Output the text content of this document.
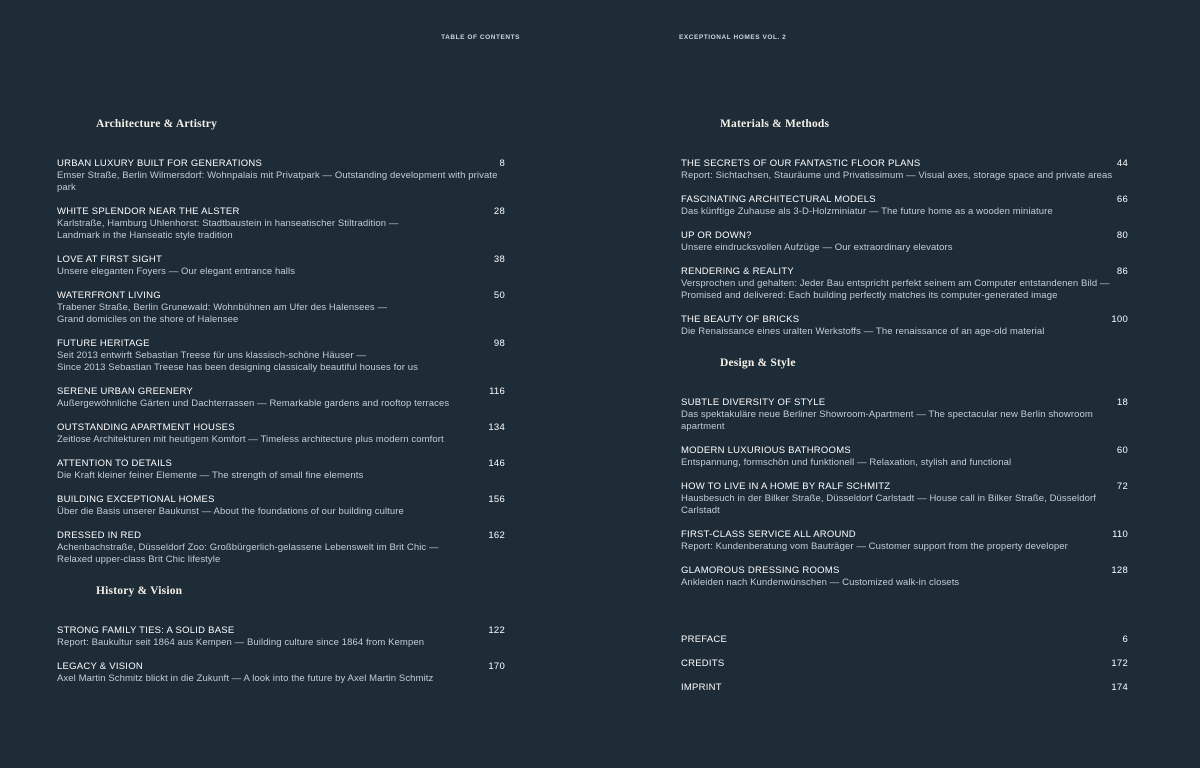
TABLE OF CONTENTS	EXCEPTIONAL HOMES VOL. 2
Architecture & Artistry
URBAN LUXURY BUILT FOR GENERATIONS	8
Emser Straße, Berlin Wilmersdorf: Wohnpalais mit Privatpark — Outstanding development with private park
WHITE SPLENDOR NEAR THE ALSTER	28
Karlstraße, Hamburg Uhlenhorst: Stadtbaustein in hanseatischer Stiltradition —
Landmark in the Hanseatic style tradition
LOVE AT FIRST SIGHT	38
Unsere eleganten Foyers — Our elegant entrance halls
WATERFRONT LIVING	50
Trabener Straße, Berlin Grunewald: Wohnbühnen am Ufer des Halensees —
Grand domiciles on the shore of Halensee
FUTURE HERITAGE	98
Seit 2013 entwirft Sebastian Treese für uns klassisch-schöne Häuser —
Since 2013 Sebastian Treese has been designing classically beautiful houses for us
SERENE URBAN GREENERY	116
Außergewöhnliche Gärten und Dachterrassen — Remarkable gardens and rooftop terraces
OUTSTANDING APARTMENT HOUSES	134
Zeitlose Architekturen mit heutigem Komfort — Timeless architecture plus modern comfort
ATTENTION TO DETAILS	146
Die Kraft kleiner feiner Elemente — The strength of small fine elements
BUILDING EXCEPTIONAL HOMES	156
Über die Basis unserer Baukunst — About the foundations of our building culture
DRESSED IN RED	162
Achenbachstraße, Düsseldorf Zoo: Großbürgerlich-gelassene Lebenswelt im Brit Chic —
Relaxed upper-class Brit Chic lifestyle
History & Vision
STRONG FAMILY TIES: A SOLID BASE	122
Report: Baukultur seit 1864 aus Kempen — Building culture since 1864 from Kempen
LEGACY & VISION	170
Axel Martin Schmitz blickt in die Zukunft — A look into the future by Axel Martin Schmitz
Materials & Methods
THE SECRETS OF OUR FANTASTIC FLOOR PLANS	44
Report: Sichtachsen, Stauräume und Privatissimum — Visual axes, storage space and private areas
FASCINATING ARCHITECTURAL MODELS	66
Das künftige Zuhause als 3-D-Holzminiatur — The future home as a wooden miniature
UP OR DOWN?	80
Unsere eindrucksvollen Aufzüge — Our extraordinary elevators
RENDERING & REALITY	86
Versprochen und gehalten: Jeder Bau entspricht perfekt seinem am Computer entstandenen Bild —
Promised and delivered: Each building perfectly matches its computer-generated image
THE BEAUTY OF BRICKS	100
Die Renaissance eines uralten Werkstoffs — The renaissance of an age-old material
Design & Style
SUBTLE DIVERSITY OF STYLE	18
Das spektakuläre neue Berliner Showroom-Apartment — The spectacular new Berlin showroom apartment
MODERN LUXURIOUS BATHROOMS	60
Entspannung, formschön und funktionell — Relaxation, stylish and functional
HOW TO LIVE IN A HOME BY RALF SCHMITZ	72
Hausbesuch in der Bilker Straße, Düsseldorf Carlstadt — House call in Bilker Straße, Düsseldorf Carlstadt
FIRST-CLASS SERVICE ALL AROUND	110
Report: Kundenberatung vom Bauträger — Customer support from the property developer
GLAMOROUS DRESSING ROOMS	128
Ankleiden nach Kundenwünschen — Customized walk-in closets
PREFACE	6
CREDITS	172
IMPRINT	174
